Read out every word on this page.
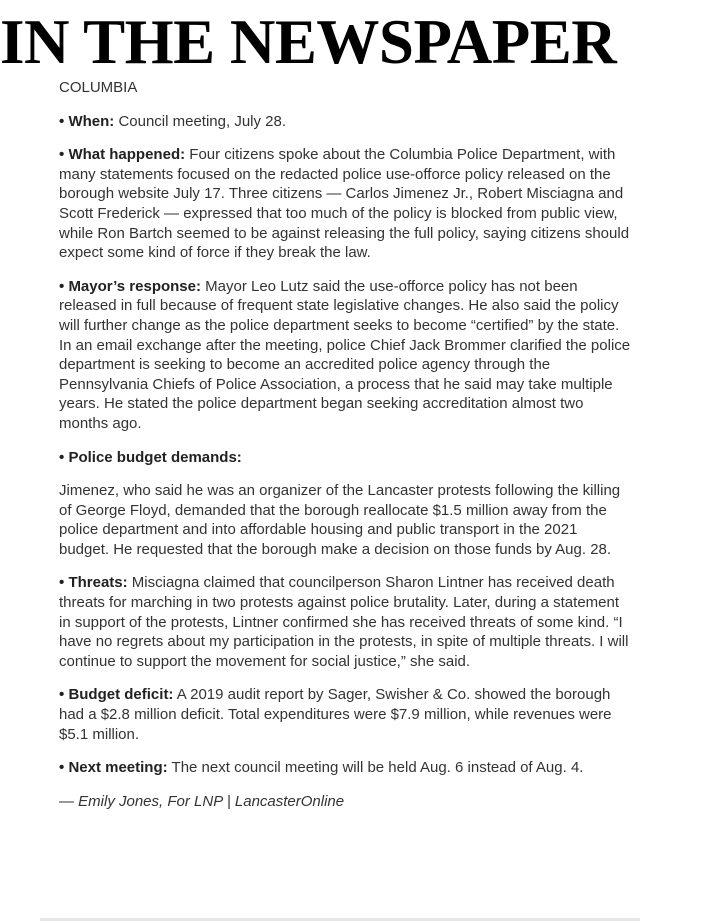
IN THE NEWSPAPER

COLUMBIA

• When: Council meeting, July 28.

• What happened: Four citizens spoke about the Columbia Police Department, with many statements focused on the redacted police use-offorce policy released on the borough website July 17. Three citizens — Carlos Jimenez Jr., Robert Misciagna and Scott Frederick — expressed that too much of the policy is blocked from public view, while Ron Bartch seemed to be against releasing the full policy, saying citizens should expect some kind of force if they break the law.

• Mayor’s response: Mayor Leo Lutz said the use-offorce policy has not been released in full because of frequent state legislative changes. He also said the policy will further change as the police department seeks to become “certified” by the state. In an email exchange after the meeting, police Chief Jack Brommer clarified the police department is seeking to become an accredited police agency through the Pennsylvania Chiefs of Police Association, a process that he said may take multiple years. He stated the police department began seeking accreditation almost two months ago.

• Police budget demands:

Jimenez, who said he was an organizer of the Lancaster protests following the killing of George Floyd, demanded that the borough reallocate $1.5 million away from the police department and into affordable housing and public transport in the 2021 budget. He requested that the borough make a decision on those funds by Aug. 28.

• Threats: Misciagna claimed that councilperson Sharon Lintner has received death threats for marching in two protests against police brutality. Later, during a statement in support of the protests, Lintner confirmed she has received threats of some kind. “I have no regrets about my participation in the protests, in spite of multiple threats. I will continue to support the movement for social justice,” she said.

• Budget deficit: A 2019 audit report by Sager, Swisher & Co. showed the borough had a $2.8 million deficit. Total expenditures were $7.9 million, while revenues were $5.1 million.

• Next meeting: The next council meeting will be held Aug. 6 instead of Aug. 4.

— Emily Jones, For LNP | LancasterOnline
